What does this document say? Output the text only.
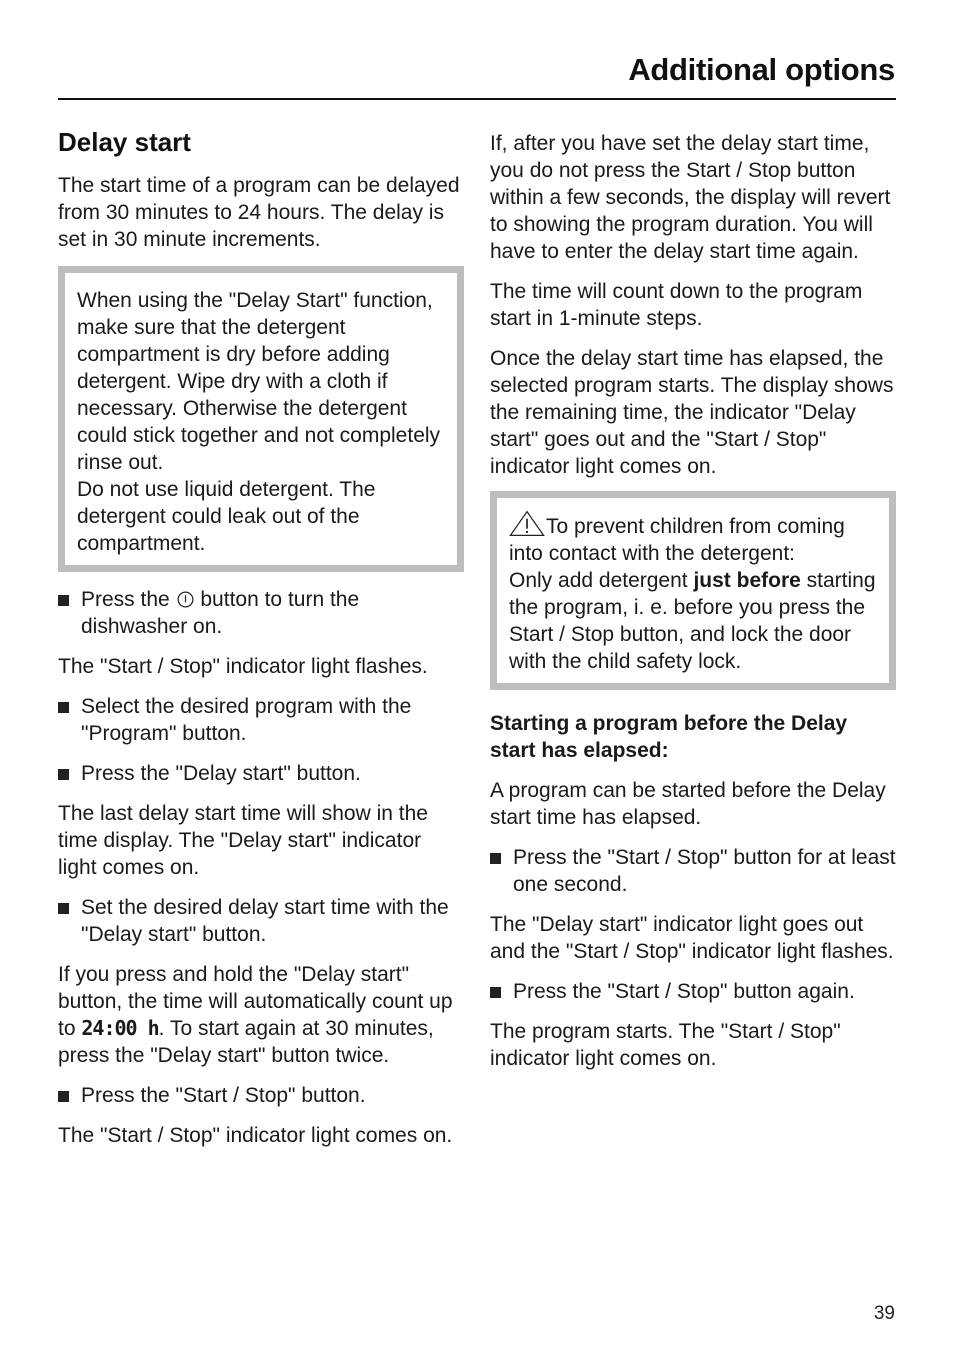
Additional options
Delay start

The start time of a program can be delayed from 30 minutes to 24 hours. The delay is set in 30 minute increments.

When using the "Delay Start" function, make sure that the detergent compartment is dry before adding detergent. Wipe dry with a cloth if necessary. Otherwise the detergent could stick together and not completely rinse out.

Do not use liquid detergent. The detergent could leak out of the compartment.

Press the  button to turn the dishwasher on.

The "Start / Stop" indicator light flashes.

Select the desired program with the "Program" button.
Press the "Delay start" button.

The last delay start time will show in the time display. The "Delay start" indicator light comes on.

Set the desired delay start time with the "Delay start" button.

If you press and hold the "Delay start" button, the time will automatically count up to 24:00 h. To start again at 30 minutes, press the "Delay start" button twice.

Press the "Start / Stop" button.

The "Start / Stop" indicator light comes on.

If, after you have set the delay start time, you do not press the Start / Stop button within a few seconds, the display will revert to showing the program duration. You will have to enter the delay start time again.

The time will count down to the program start in 1-minute steps.

Once the delay start time has elapsed, the selected program starts. The display shows the remaining time, the indicator "Delay start" goes out and the "Start / Stop" indicator light comes on.

To prevent children from coming into contact with the detergent:
Only add detergent just before starting the program, i. e. before you press the Start / Stop button, and lock the door with the child safety lock.

Starting a program before the Delay start has elapsed:

A program can be started before the Delay start time has elapsed.

Press the "Start / Stop" button for at least one second.

The "Delay start" indicator light goes out and the "Start / Stop" indicator light flashes.

Press the "Start / Stop" button again.

The program starts. The "Start / Stop" indicator light comes on.

39
